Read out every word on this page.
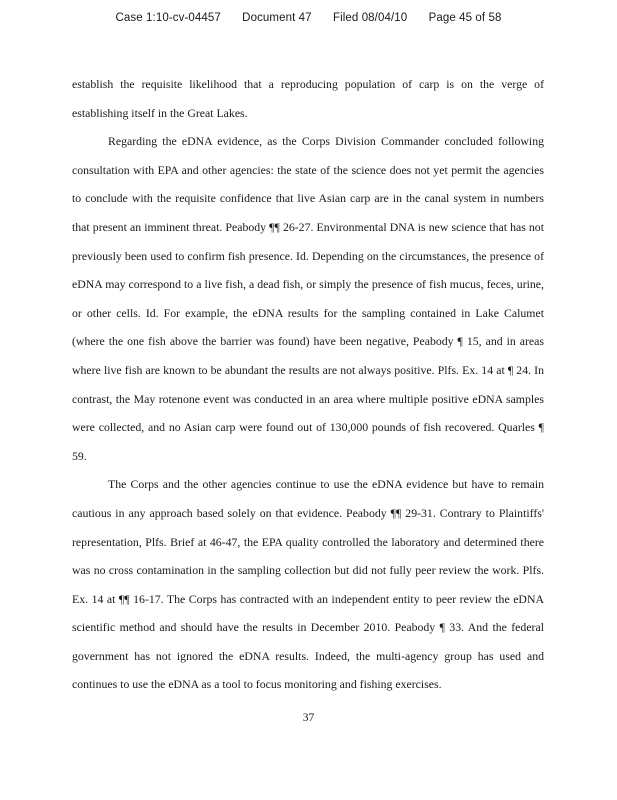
Case 1:10-cv-04457 Document 47 Filed 08/04/10 Page 45 of 58

establish the requisite likelihood that a reproducing population of carp is on the verge of establishing itself in the Great Lakes.

Regarding the eDNA evidence, as the Corps Division Commander concluded following consultation with EPA and other agencies: the state of the science does not yet permit the agencies to conclude with the requisite confidence that live Asian carp are in the canal system in numbers that present an imminent threat. Peabody ¶¶ 26-27. Environmental DNA is new science that has not previously been used to confirm fish presence. Id. Depending on the circumstances, the presence of eDNA may correspond to a live fish, a dead fish, or simply the presence of fish mucus, feces, urine, or other cells. Id. For example, the eDNA results for the sampling contained in Lake Calumet (where the one fish above the barrier was found) have been negative, Peabody ¶ 15, and in areas where live fish are known to be abundant the results are not always positive. Plfs. Ex. 14 at ¶ 24. In contrast, the May rotenone event was conducted in an area where multiple positive eDNA samples were collected, and no Asian carp were found out of 130,000 pounds of fish recovered. Quarles ¶ 59.

The Corps and the other agencies continue to use the eDNA evidence but have to remain cautious in any approach based solely on that evidence. Peabody ¶¶ 29-31. Contrary to Plaintiffs' representation, Plfs. Brief at 46-47, the EPA quality controlled the laboratory and determined there was no cross contamination in the sampling collection but did not fully peer review the work. Plfs. Ex. 14 at ¶¶ 16-17. The Corps has contracted with an independent entity to peer review the eDNA scientific method and should have the results in December 2010. Peabody ¶ 33. And the federal government has not ignored the eDNA results. Indeed, the multi-agency group has used and continues to use the eDNA as a tool to focus monitoring and fishing exercises.

37
